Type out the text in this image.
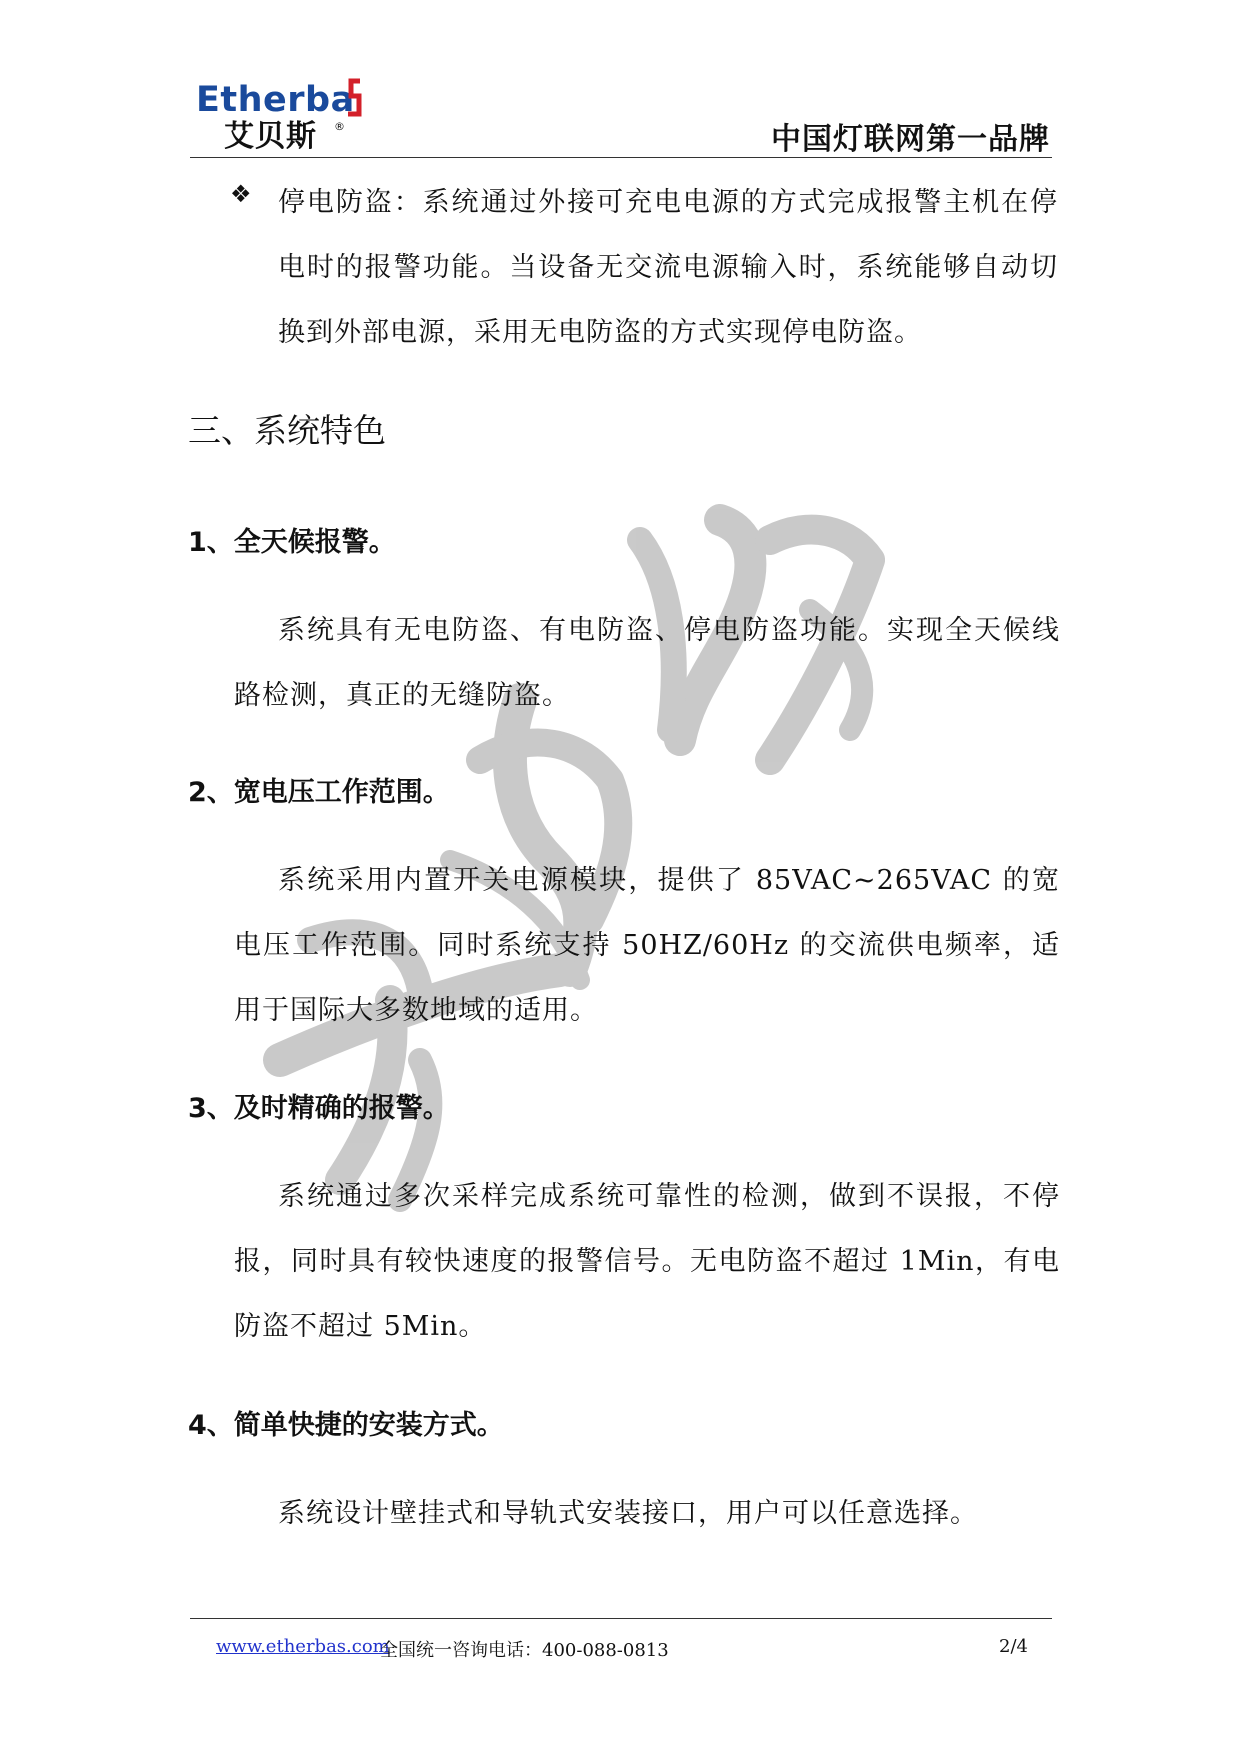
Etherba
艾贝斯 ®	中国灯联网第一品牌
❖ 停电防盗：系统通过外接可充电电源的方式完成报警主机在停电时的报警功能。当设备无交流电源输入时，系统能够自动切换到外部电源，采用无电防盗的方式实现停电防盗。
三、系统特色
1、全天候报警。
系统具有无电防盗、有电防盗、停电防盗功能。实现全天候线路检测，真正的无缝防盗。
2、宽电压工作范围。
系统采用内置开关电源模块，提供了 85VAC~265VAC 的宽电压工作范围。同时系统支持 50HZ/60Hz 的交流供电频率，适用于国际大多数地域的适用。
3、及时精确的报警。
系统通过多次采样完成系统可靠性的检测，做到不误报，不停报，同时具有较快速度的报警信号。无电防盗不超过 1Min，有电防盗不超过 5Min。
4、简单快捷的安装方式。
系统设计壁挂式和导轨式安装接口，用户可以任意选择。
www.etherbas.com
全国统一咨询电话：400-088-0813	2/4
